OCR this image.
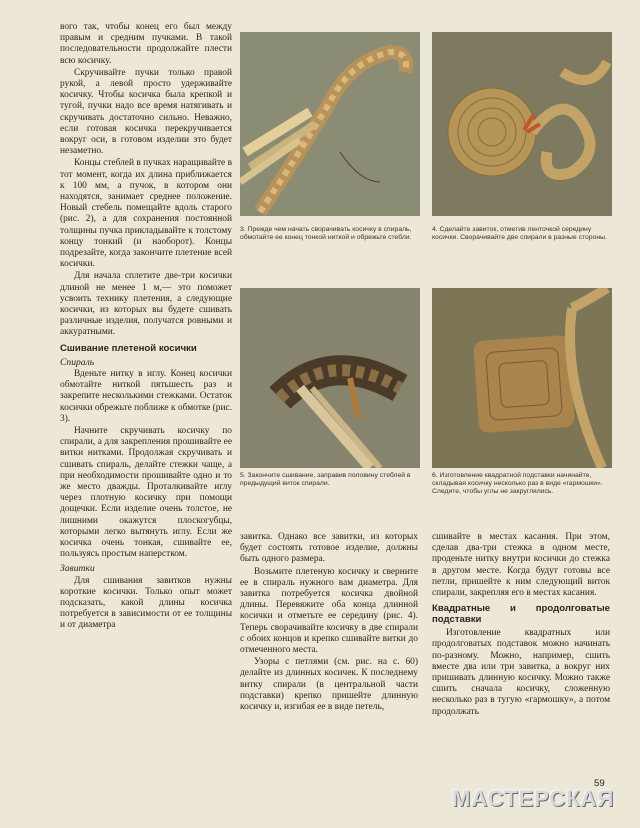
вого так, чтобы конец его был между правым и средним пучками. В такой последовательности продолжайте плести всю косичку.

Скручивайте пучки только правой рукой, а левой просто удерживайте косичку. Чтобы косичка была крепкой и тугой, пучки надо все время натягивать и скручивать достаточно сильно. Неважно, если готовая косичка перекручивается вокруг оси, в готовом изделии это будет незаметно.

Концы стеблей в пучках наращивайте в тот момент, когда их длина приближается к 100 мм, а пучок, в котором они находятся, занимает среднее положение. Новый стебель помещайте вдоль старого (рис. 2), а для сохранения постоянной толщины пучка прикладывайте к толстому концу тонкий (и наоборот). Концы подрезайте, когда закончите плетение всей косички.

Для начала сплетите две-три косички длиной не менее 1 м,— это поможет усвоить технику плетения, а следующие косички, из которых вы будете сшивать различные изделия, получатся ровными и аккуратными.

Сшивание плетеной косички
Спираль

Вденьте нитку в иглу. Конец косички обмотайте ниткой пятьшесть раз и закрепите несколькими стежками. Остаток косички обрежьте поближе к обмотке (рис. 3).

Начните скручивать косичку по спирали, а для закрепления прошивайте ее витки нитками. Продолжая скручивать и сшивать спираль, делайте стежки чаще, а при необходимости прошивайте одно и то же место дважды. Проталкивайте иглу через плотную косичку при помощи дощечки. Если изделие очень толстое, не лишними окажутся плоскогубцы, которыми легко вытянуть иглу. Если же косичка очень тонкая, сшивайте ее, пользуясь простым наперстком.

Завитки

Для сшивания завитков нужны короткие косички. Только опыт может подсказать, какой длины косичка потребуется в зависимости от ее толщины и от диаметра

3. Прежде чем начать сворачивать косичку в спираль, обмотайте ее конец тонкой ниткой и обрежьте стебли.
4. Сделайте завиток, отметив ленточкой середину косички. Сворачивайте две спирали в разные стороны.
5. Закончите сшивание, заправив половину стеблей в предыдущий виток спирали.
6. Изготовление квадратной подставки начинайте, складывая косичку несколько раз в виде «гармошки». Следите, чтобы углы не закруглялись.

завитка. Однако все завитки, из которых будет состоять готовое изделие, должны быть одного размера.

Возьмите плетеную косичку и сверните ее в спираль нужного вам диаметра. Для завитка потребуется косичка двойной длины. Перевяжите оба конца длинной косички и отметьте ее середину (рис. 4). Теперь сворачивайте косичку в две спирали с обоих концов и крепко сшивайте витки до отмеченного места.

Узоры с петлями (см. рис. на с. 60) делайте из длинных косичек. К последнему витку спирали (в центральной части подставки) крепко пришейте длинную косичку и, изгибая ее в виде петель,

сшивайте в местах касания. При этом, сделав два-три стежка в одном месте, проденьте нитку внутри косички до стежка в другом месте. Когда будут готовы все петли, пришейте к ним следующий виток спирали, закрепляя его в местах касания.

Квадратные и продолговатые подставки

Изготовление квадратных или продолговатых подставок можно начинать по-разному. Можно, например, сшить вместе два или три завитка, а вокруг них пришивать длинную косичку. Можно также сшить сначала косичку, сложенную несколько раз в тугую «гармошку», а потом продолжать

59
МАСТЕРСКАЯ
